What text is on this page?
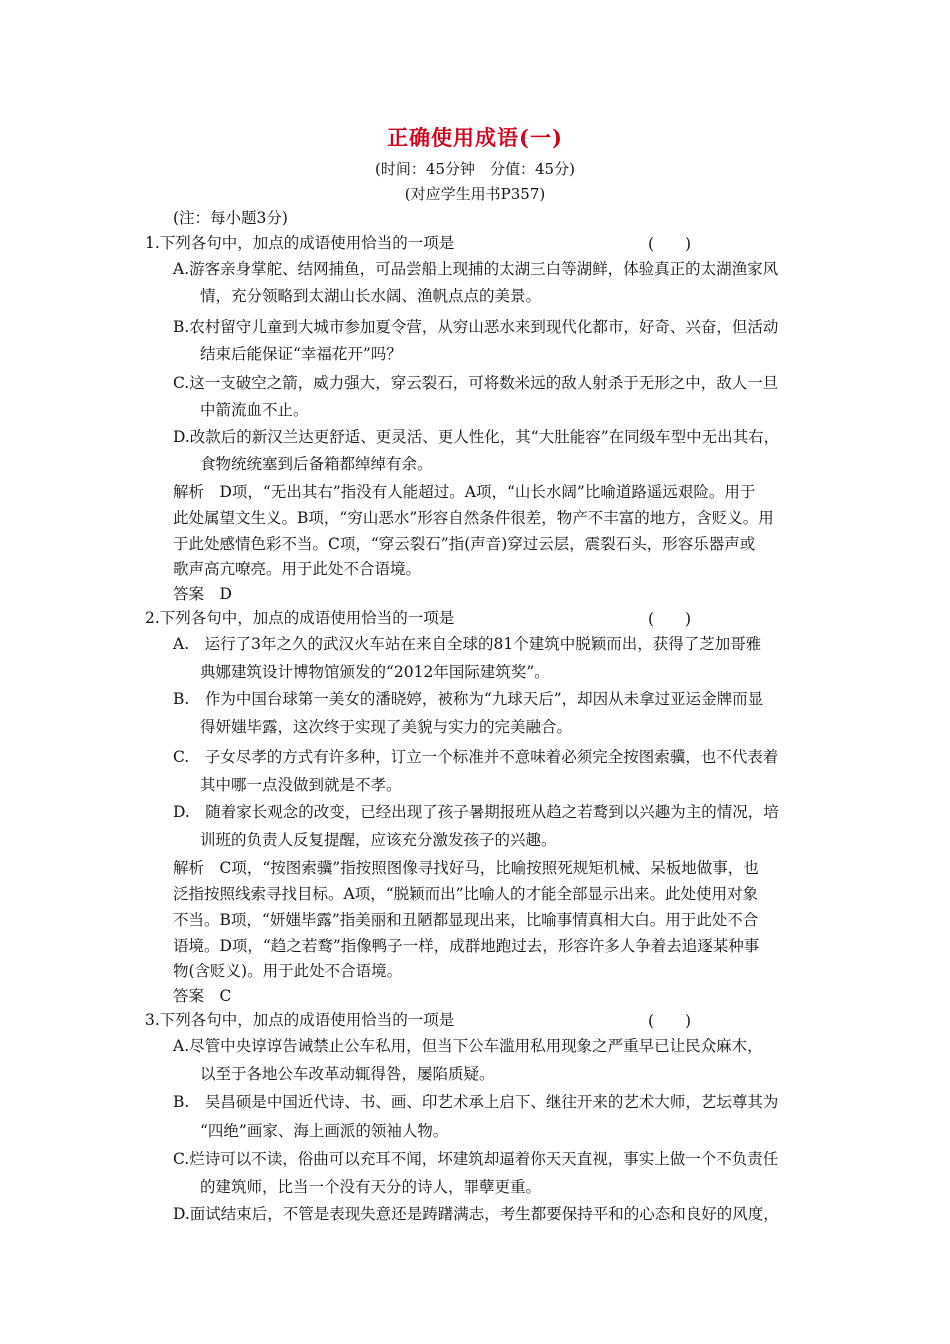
正确使用成语(一)
(时间：45分钟　分值：45分)
(对应学生用书P357)
(注：每小题3分)
(　　)
(　　)
(　　)
1.下列各句中，加点的成语使用恰当的一项是
A.游客亲身掌舵、结网捕鱼，可品尝船上现捕的太湖三白等湖鲜，体验真正的太湖渔家风
情，充分领略到太湖山长水阔、渔帆点点的美景。
B.农村留守儿童到大城市参加夏令营，从穷山恶水来到现代化都市，好奇、兴奋，但活动
结束后能保证“幸福花开”吗？
C.这一支破空之箭，威力强大，穿云裂石，可将数米远的敌人射杀于无形之中，敌人一旦
中箭流血不止。
D.改款后的新汉兰达更舒适、更灵活、更人性化，其“大肚能容”在同级车型中无出其右，
食物统统塞到后备箱都绰绰有余。
解析　D项，“无出其右”指没有人能超过。A项，“山长水阔”比喻道路遥远艰险。用于
此处属望文生义。B项，“穷山恶水”形容自然条件很差，物产不丰富的地方，含贬义。用
于此处感情色彩不当。C项，“穿云裂石”指(声音)穿过云层，震裂石头，形容乐器声或
歌声高亢嘹亮。用于此处不合语境。
答案　D
2.下列各句中，加点的成语使用恰当的一项是
A.　运行了3年之久的武汉火车站在来自全球的81个建筑中脱颖而出，获得了芝加哥雅
典娜建筑设计博物馆颁发的“2012年国际建筑奖”。
B.　作为中国台球第一美女的潘晓婷，被称为“九球天后”，却因从未拿过亚运金牌而显
得妍媸毕露，这次终于实现了美貌与实力的完美融合。
C.　子女尽孝的方式有许多种，订立一个标准并不意味着必须完全按图索骥，也不代表着
其中哪一点没做到就是不孝。
D.　随着家长观念的改变，已经出现了孩子暑期报班从趋之若鹜到以兴趣为主的情况，培
训班的负责人反复提醒，应该充分激发孩子的兴趣。
解析　C项，“按图索骥”指按照图像寻找好马，比喻按照死规矩机械、呆板地做事，也
泛指按照线索寻找目标。A项，“脱颖而出”比喻人的才能全部显示出来。此处使用对象
不当。B项，“妍媸毕露”指美丽和丑陋都显现出来，比喻事情真相大白。用于此处不合
语境。D项，“趋之若鹜”指像鸭子一样，成群地跑过去，形容许多人争着去追逐某种事
物(含贬义)。用于此处不合语境。
答案　C
3.下列各句中，加点的成语使用恰当的一项是
A.尽管中央谆谆告诫禁止公车私用，但当下公车滥用私用现象之严重早已让民众麻木，
以至于各地公车改革动辄得咎，屡陷质疑。
B.　吴昌硕是中国近代诗、书、画、印艺术承上启下、继往开来的艺术大师，艺坛尊其为
“四绝”画家、海上画派的领袖人物。
C.烂诗可以不读，俗曲可以充耳不闻，坏建筑却逼着你天天直视，事实上做一个不负责任
的建筑师，比当一个没有天分的诗人，罪孽更重。
D.面试结束后，不管是表现失意还是踌躇满志，考生都要保持平和的心态和良好的风度，
